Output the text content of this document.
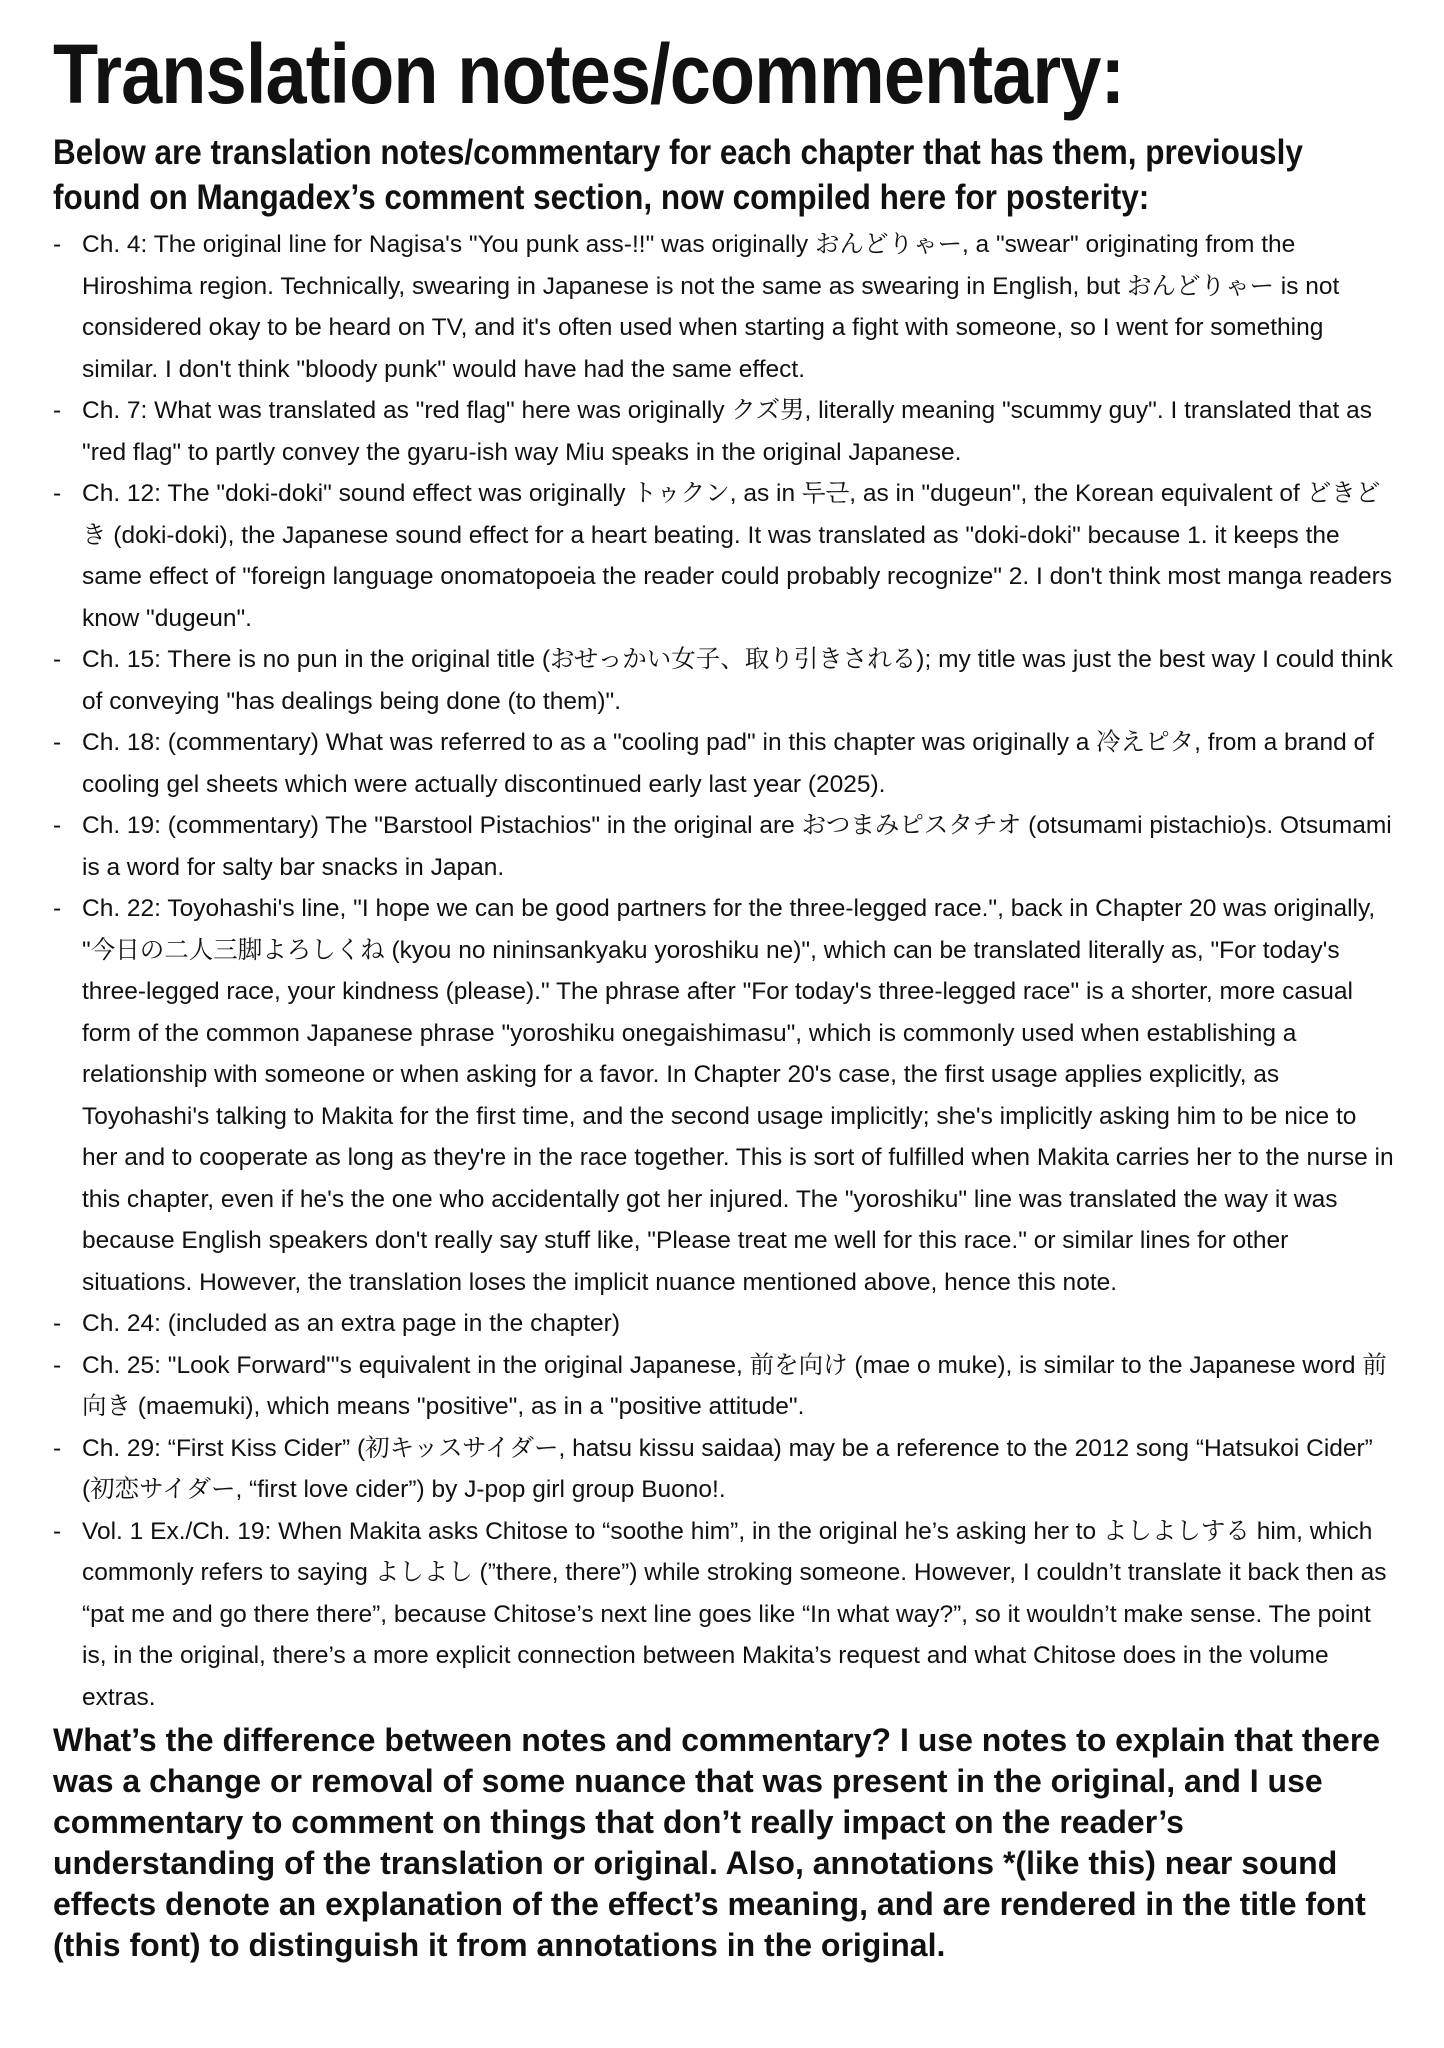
Translation notes/commentary:

Below are translation notes/commentary for each chapter that has them, previously found on Mangadex’s comment section, now compiled here for posterity:

- Ch. 4: The original line for Nagisa's "You punk ass-!!" was originally おんどりゃー, a "swear" originating from the Hiroshima region. Technically, swearing in Japanese is not the same as swearing in English, but おんどりゃー is not considered okay to be heard on TV, and it's often used when starting a fight with someone, so I went for something similar. I don't think "bloody punk" would have had the same effect.
- Ch. 7: What was translated as "red flag" here was originally クズ男, literally meaning "scummy guy". I translated that as "red flag" to partly convey the gyaru-ish way Miu speaks in the original Japanese.
- Ch. 12: The "doki-doki" sound effect was originally トゥクン, as in 두근, as in "dugeun", the Korean equivalent of どきどき (doki-doki), the Japanese sound effect for a heart beating. It was translated as "doki-doki" because 1. it keeps the same effect of "foreign language onomatopoeia the reader could probably recognize" 2. I don't think most manga readers know "dugeun".
- Ch. 15: There is no pun in the original title (おせっかい女子、取り引きされる); my title was just the best way I could think of conveying "has dealings being done (to them)".
- Ch. 18: (commentary) What was referred to as a "cooling pad" in this chapter was originally a 冷えピタ, from a brand of cooling gel sheets which were actually discontinued early last year (2025).
- Ch. 19: (commentary) The "Barstool Pistachios" in the original are おつまみピスタチオ (otsumami pistachio)s. Otsumami is a word for salty bar snacks in Japan.
- Ch. 22: Toyohashi's line, "I hope we can be good partners for the three-legged race.", back in Chapter 20 was originally, "今日の二人三脚よろしくね (kyou no nininsankyaku yoroshiku ne)", which can be translated literally as, "For today's three-legged race, your kindness (please)." The phrase after "For today's three-legged race" is a shorter, more casual form of the common Japanese phrase "yoroshiku onegaishimasu", which is commonly used when establishing a relationship with someone or when asking for a favor. In Chapter 20's case, the first usage applies explicitly, as Toyohashi's talking to Makita for the first time, and the second usage implicitly; she's implicitly asking him to be nice to her and to cooperate as long as they're in the race together. This is sort of fulfilled when Makita carries her to the nurse in this chapter, even if he's the one who accidentally got her injured. The "yoroshiku" line was translated the way it was because English speakers don't really say stuff like, "Please treat me well for this race." or similar lines for other situations. However, the translation loses the implicit nuance mentioned above, hence this note.
- Ch. 24: (included as an extra page in the chapter)
- Ch. 25: "Look Forward"'s equivalent in the original Japanese, 前を向け (mae o muke), is similar to the Japanese word 前向き (maemuki), which means "positive", as in a "positive attitude".
- Ch. 29: “First Kiss Cider” (初キッスサイダー, hatsu kissu saidaa) may be a reference to the 2012 song “Hatsukoi Cider” (初恋サイダー, “first love cider”) by J-pop girl group Buono!.
- Vol. 1 Ex./Ch. 19: When Makita asks Chitose to “soothe him”, in the original he’s asking her to よしよしする him, which commonly refers to saying よしよし (”there, there”) while stroking someone. However, I couldn’t translate it back then as “pat me and go there there”, because Chitose’s next line goes like “In what way?”, so it wouldn’t make sense. The point is, in the original, there’s a more explicit connection between Makita’s request and what Chitose does in the volume extras.

What’s the difference between notes and commentary? I use notes to explain that there was a change or removal of some nuance that was present in the original, and I use commentary to comment on things that don’t really impact on the reader’s understanding of the translation or original. Also, annotations *(like this) near sound effects denote an explanation of the effect’s meaning, and are rendered in the title font (this font) to distinguish it from annotations in the original.
